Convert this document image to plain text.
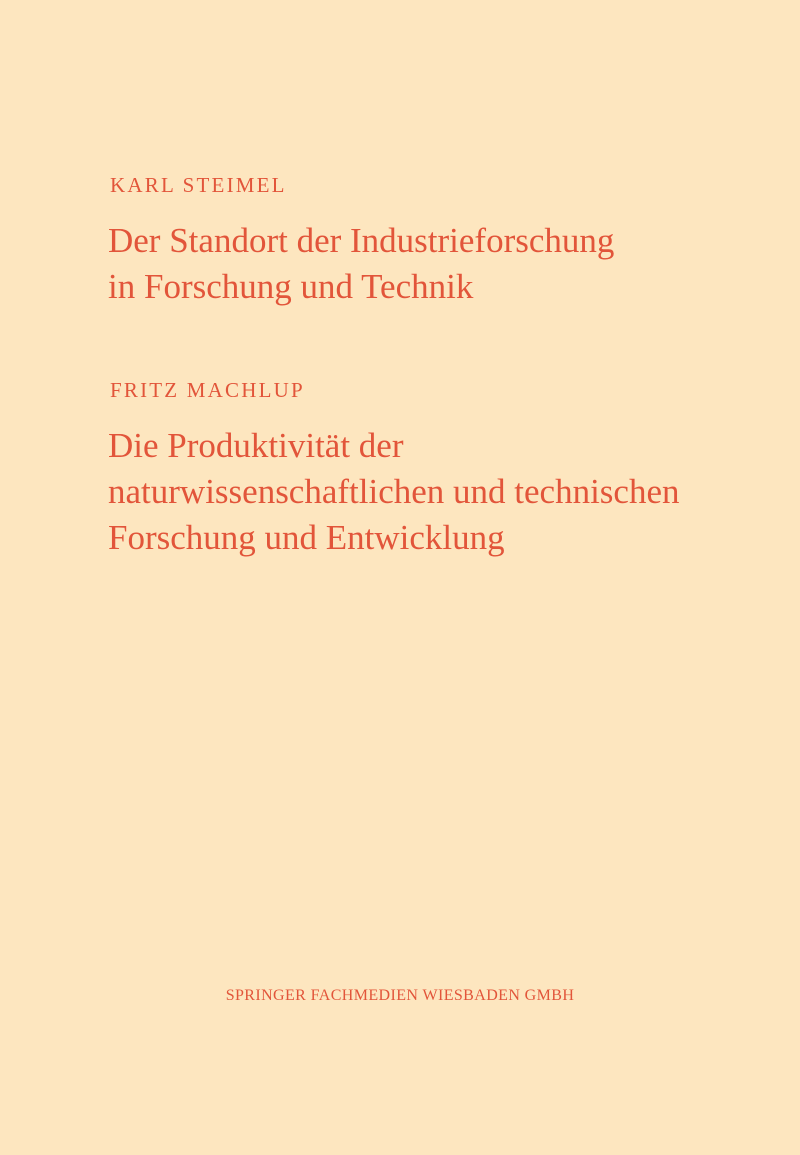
KARL STEIMEL

Der Standort der Industrieforschung
in Forschung und Technik

FRITZ MACHLUP

Die Produktivität der
naturwissenschaftlichen und technischen
Forschung und Entwicklung

SPRINGER FACHMEDIEN WIESBADEN GMBH
